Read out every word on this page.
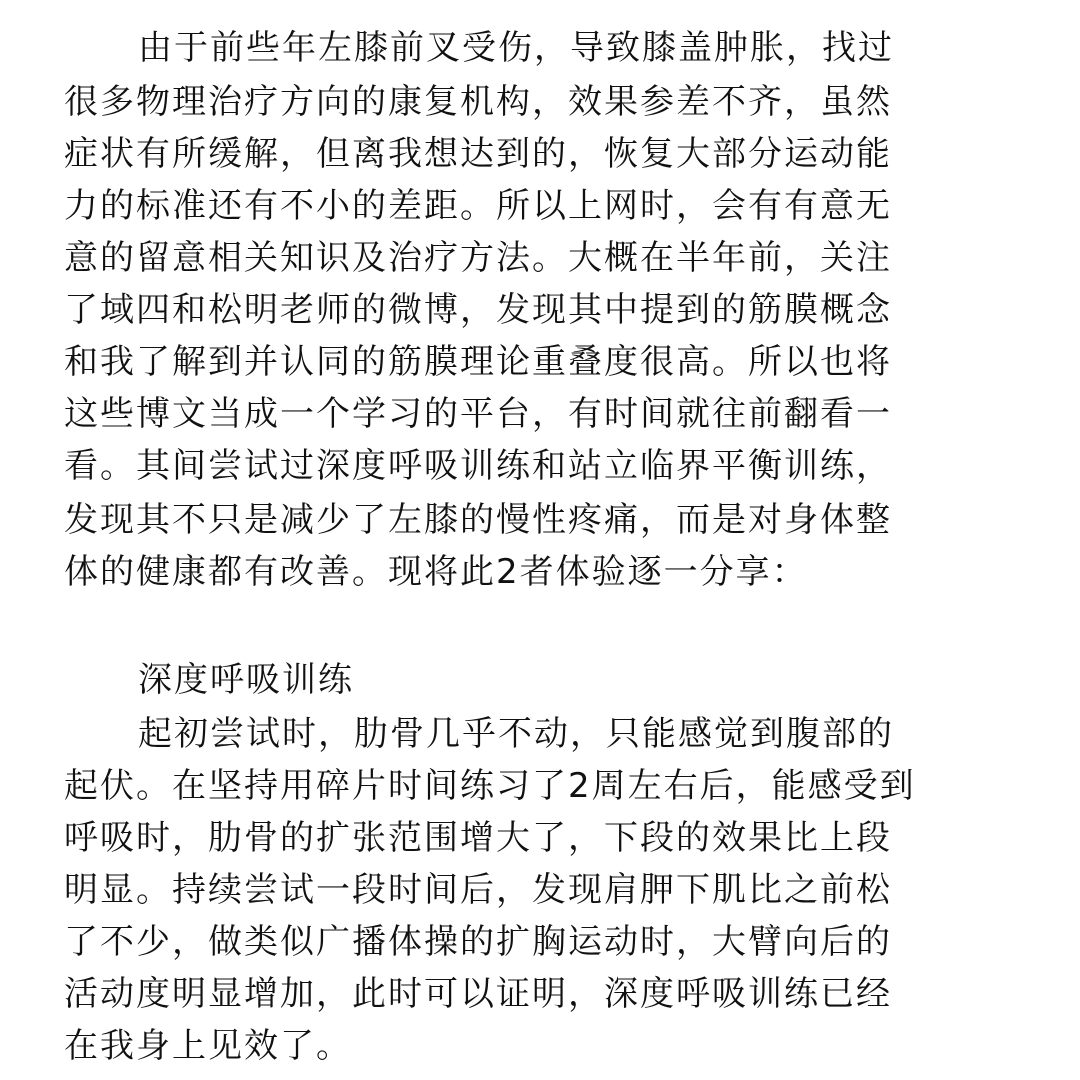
由于前些年左膝前叉受伤，导致膝盖肿胀，找过
很多物理治疗方向的康复机构，效果参差不齐，虽然
症状有所缓解，但离我想达到的，恢复大部分运动能
力的标准还有不小的差距。所以上网时，会有有意无
意的留意相关知识及治疗方法。大概在半年前，关注
了域四和松明老师的微博，发现其中提到的筋膜概念
和我了解到并认同的筋膜理论重叠度很高。所以也将
这些博文当成一个学习的平台，有时间就往前翻看一
看。其间尝试过深度呼吸训练和站立临界平衡训练，
发现其不只是减少了左膝的慢性疼痛，而是对身体整
体的健康都有改善。现将此2者体验逐一分享：
深度呼吸训练
起初尝试时，肋骨几乎不动，只能感觉到腹部的
起伏。在坚持用碎片时间练习了2周左右后，能感受到
呼吸时，肋骨的扩张范围增大了，下段的效果比上段
明显。持续尝试一段时间后，发现肩胛下肌比之前松
了不少，做类似广播体操的扩胸运动时，大臂向后的
活动度明显增加，此时可以证明，深度呼吸训练已经
在我身上见效了。
